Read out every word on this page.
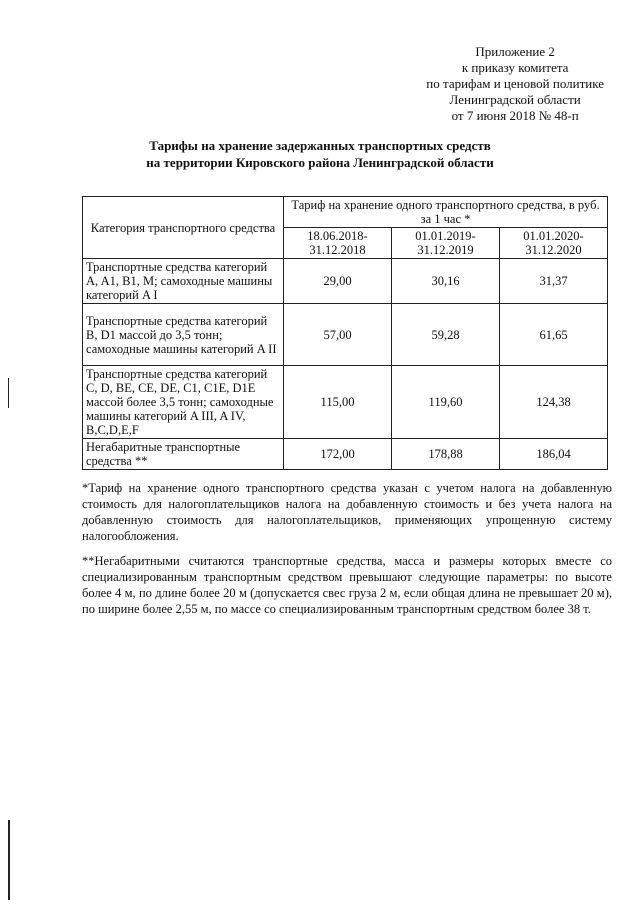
Приложение 2
к приказу комитета
по тарифам и ценовой политике
Ленинградской области
от 7 июня 2018 № 48-п
Тарифы на хранение задержанных транспортных средств
на территории Кировского района Ленинградской области
Категория транспортного средства	Тариф на хранение одного транспортного средства, в руб. за 1 час *		
	18.06.2018-31.12.2018	01.01.2019-31.12.2019	01.01.2020-31.12.2020
Транспортные средства категорий A, A1, B1, M; самоходные машины категорий A I	29,00	30,16	31,37
Транспортные средства категорий B, D1 массой до 3,5 тонн; самоходные машины категорий A II	57,00	59,28	61,65
Транспортные средства категорий C, D, BE, CE, DE, C1, C1E, D1E массой более 3,5 тонн; самоходные машины категорий A III, A IV, B,C,D,E,F	115,00	119,60	124,38
Негабаритные транспортные средства **	172,00	178,88	186,04
*Тариф на хранение одного транспортного средства указан с учетом налога на добавленную стоимость для налогоплательщиков налога на добавленную стоимость и без учета налога на добавленную стоимость для налогоплательщиков, применяющих упрощенную систему налогообложения.
**Негабаритными считаются транспортные средства, масса и размеры которых вместе со специализированным транспортным средством превышают следующие параметры: по высоте более 4 м, по длине более 20 м (допускается свес груза 2 м, если общая длина не превышает 20 м), по ширине более 2,55 м, по массе со специализированным транспортным средством более 38 т.
